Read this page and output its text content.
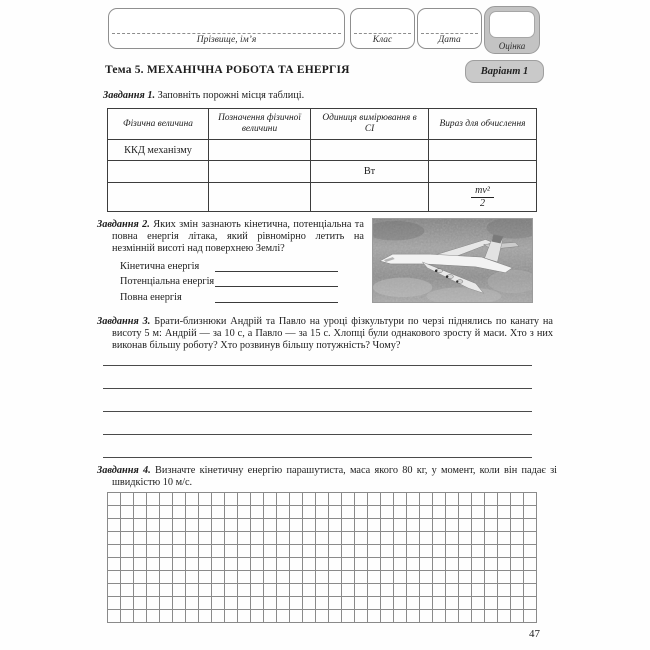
Прізвище, ім’я	Клас	Дата
Оцінка
Тема 5. МЕХАНІЧНА РОБОТА ТА ЕНЕРГІЯ	Варіант 1
Завдання 1. Заповніть порожні місця таблиці.
Фізична величина	Позначення фізичної величини	Одиниця вимірювання в СІ	Вираз для обчислення
ККД механізму			
		Вт	

			$\frac{\text{mv²}}{2}$
Завдання 2. Яких змін зазнають кінетична, потенціальна та повна енергія літака, який рівномірно летить на незмінній висоті над поверхнею Землі?
Кінетична енергія
Потенціальна енергія
Повна енергія
Завдання 3. Брати-близнюки Андрій та Павло на уроці фізкультури по черзі піднялись по канату на висоту 5 м: Андрій — за 10 с, а Павло — за 15 с. Хлопці були однакового зросту й маси. Хто з них виконав більшу роботу? Хто розвинув більшу потужність? Чому?
Завдання 4. Визначте кінетичну енергію парашутиста, маса якого 80 кг, у момент, коли він падає зі швидкістю 10 м/с.
47
